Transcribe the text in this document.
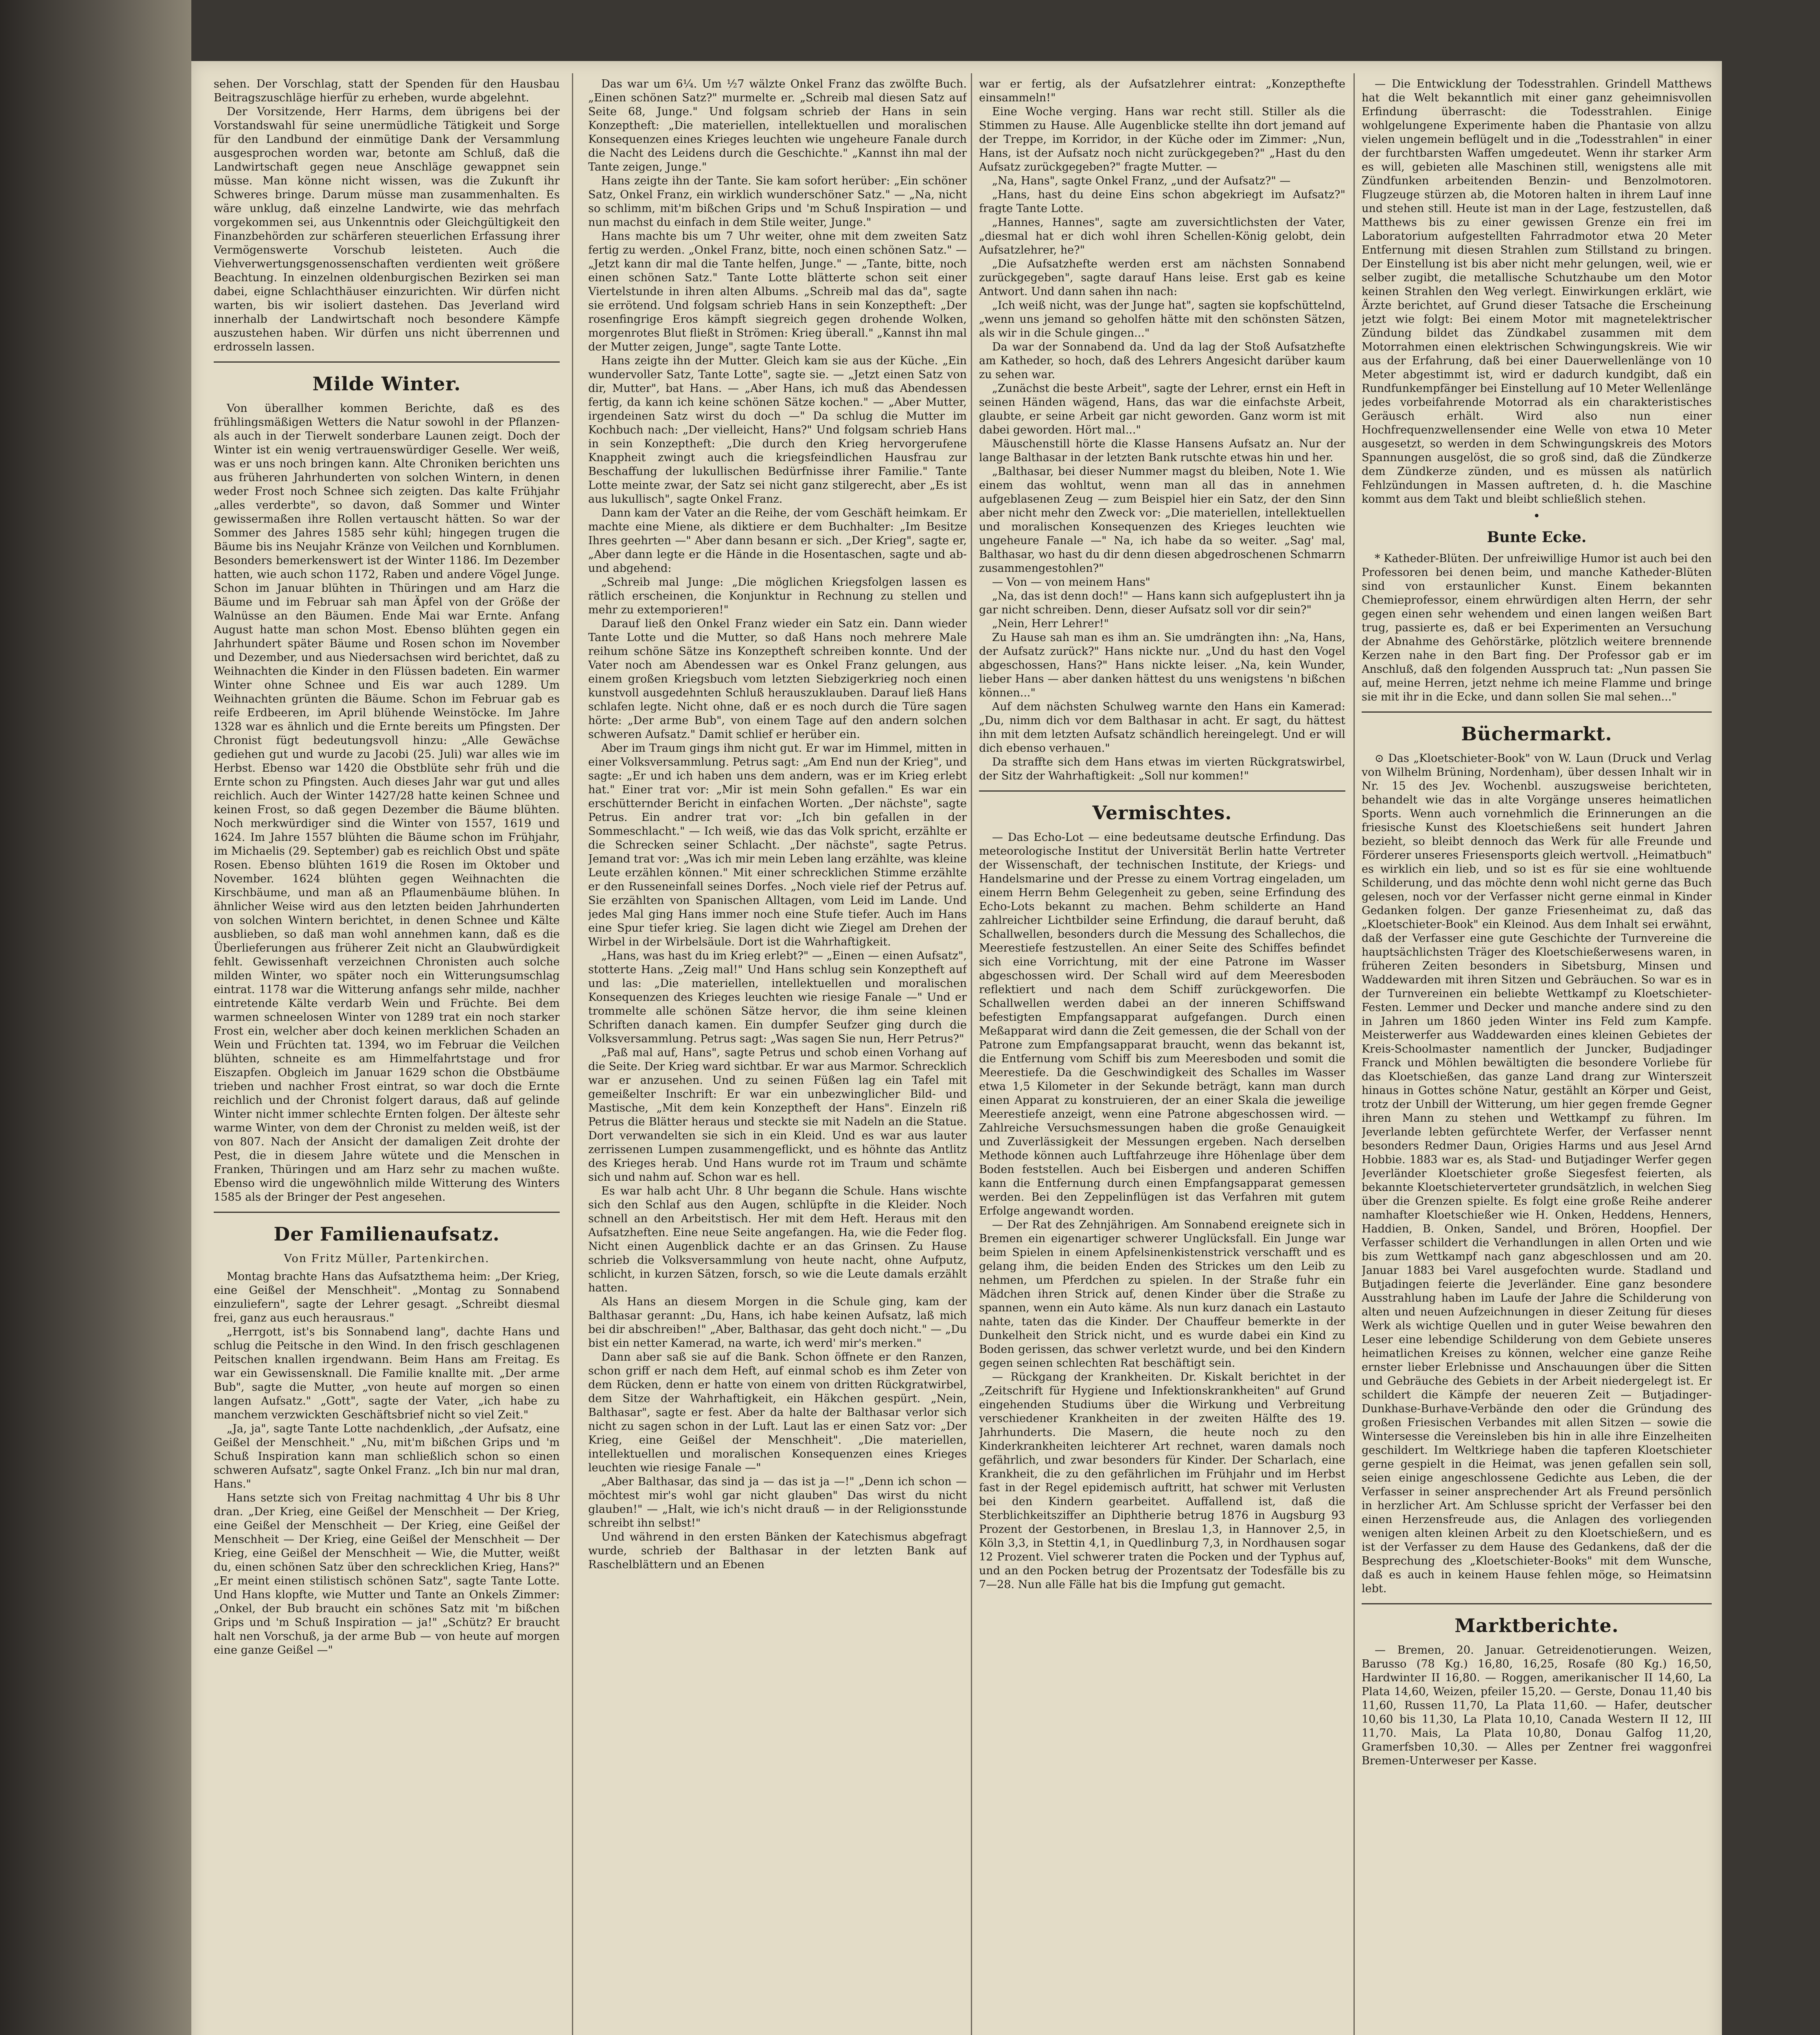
sehen. Der Vorschlag, statt der Spenden für den Hausbau Beitragszuschläge hierfür zu erheben, wurde abgelehnt.

Der Vorsitzende, Herr Harms, dem übrigens bei der Vorstandswahl für seine unermüdliche Tätigkeit und Sorge für den Landbund der einmütige Dank der Versammlung ausgesprochen worden war, betonte am Schluß, daß die Landwirtschaft gegen neue Anschläge gewappnet sein müsse. Man könne nicht wissen, was die Zukunft ihr Schweres bringe. Darum müsse man zusammenhalten. Es wäre unklug, daß einzelne Landwirte, wie das mehrfach vorgekommen sei, aus Unkenntnis oder Gleichgültigkeit den Finanzbehörden zur schärferen steuerlichen Erfassung ihrer Vermögenswerte Vorschub leisteten. Auch die Viehverwertungsgenossenschaften verdienten weit größere Beachtung. In einzelnen oldenburgischen Bezirken sei man dabei, eigne Schlachthäuser einzurichten. Wir dürfen nicht warten, bis wir isoliert dastehen. Das Jeverland wird innerhalb der Landwirtschaft noch besondere Kämpfe auszustehen haben. Wir dürfen uns nicht überrennen und erdrosseln lassen.

Milde Winter.

Von überallher kommen Berichte, daß es des frühlingsmäßigen Wetters die Natur sowohl in der Pflanzen- als auch in der Tierwelt sonderbare Launen zeigt. Doch der Winter ist ein wenig vertrauenswürdiger Geselle. Wer weiß, was er uns noch bringen kann. Alte Chroniken berichten uns aus früheren Jahrhunderten von solchen Wintern, in denen weder Frost noch Schnee sich zeigten. Das kalte Frühjahr „alles verderbte", so davon, daß Sommer und Winter gewissermaßen ihre Rollen vertauscht hätten. So war der Sommer des Jahres 1585 sehr kühl; hingegen trugen die Bäume bis ins Neujahr Kränze von Veilchen und Kornblumen. Besonders bemerkenswert ist der Winter 1186. Im Dezember hatten, wie auch schon 1172, Raben und andere Vögel Junge. Schon im Januar blühten in Thüringen und am Harz die Bäume und im Februar sah man Äpfel von der Größe der Walnüsse an den Bäumen. Ende Mai war Ernte. Anfang August hatte man schon Most. Ebenso blühten gegen ein Jahrhundert später Bäume und Rosen schon im November und Dezember, und aus Niedersachsen wird berichtet, daß zu Weihnachten die Kinder in den Flüssen badeten. Ein warmer Winter ohne Schnee und Eis war auch 1289. Um Weihnachten grünten die Bäume. Schon im Februar gab es reife Erdbeeren, im April blühende Weinstöcke. Im Jahre 1328 war es ähnlich und die Ernte bereits um Pfingsten. Der Chronist fügt bedeutungsvoll hinzu: „Alle Gewächse gediehen gut und wurde zu Jacobi (25. Juli) war alles wie im Herbst. Ebenso war 1420 die Obstblüte sehr früh und die Ernte schon zu Pfingsten. Auch dieses Jahr war gut und alles reichlich. Auch der Winter 1427/28 hatte keinen Schnee und keinen Frost, so daß gegen Dezember die Bäume blühten. Noch merkwürdiger sind die Winter von 1557, 1619 und 1624. Im Jahre 1557 blühten die Bäume schon im Frühjahr, im Michaelis (29. September) gab es reichlich Obst und späte Rosen. Ebenso blühten 1619 die Rosen im Oktober und November. 1624 blühten gegen Weihnachten die Kirschbäume, und man aß an Pflaumenbäume blühen. In ähnlicher Weise wird aus den letzten beiden Jahrhunderten von solchen Wintern berichtet, in denen Schnee und Kälte ausblieben, so daß man wohl annehmen kann, daß es die Überlieferungen aus früherer Zeit nicht an Glaubwürdigkeit fehlt. Gewissenhaft verzeichnen Chronisten auch solche milden Winter, wo später noch ein Witterungsumschlag eintrat. 1178 war die Witterung anfangs sehr milde, nachher eintretende Kälte verdarb Wein und Früchte. Bei dem warmen schneelosen Winter von 1289 trat ein noch starker Frost ein, welcher aber doch keinen merklichen Schaden an Wein und Früchten tat. 1394, wo im Februar die Veilchen blühten, schneite es am Himmelfahrtstage und fror Eiszapfen. Obgleich im Januar 1629 schon die Obstbäume trieben und nachher Frost eintrat, so war doch die Ernte reichlich und der Chronist folgert daraus, daß auf gelinde Winter nicht immer schlechte Ernten folgen. Der älteste sehr warme Winter, von dem der Chronist zu melden weiß, ist der von 807. Nach der Ansicht der damaligen Zeit drohte der Pest, die in diesem Jahre wütete und die Menschen in Franken, Thüringen und am Harz sehr zu machen wußte. Ebenso wird die ungewöhnlich milde Witterung des Winters 1585 als der Bringer der Pest angesehen.

Der Familienaufsatz.
Von Fritz Müller, Partenkirchen.

Montag brachte Hans das Aufsatzthema heim: „Der Krieg, eine Geißel der Menschheit". „Montag zu Sonnabend einzuliefern", sagte der Lehrer gesagt. „Schreibt diesmal frei, ganz aus euch herausraus."

„Herrgott, ist's bis Sonnabend lang", dachte Hans und schlug die Peitsche in den Wind. In den frisch geschlagenen Peitschen knallen irgendwann. Beim Hans am Freitag. Es war ein Gewissensknall. Die Familie knallte mit. „Der arme Bub", sagte die Mutter, „von heute auf morgen so einen langen Aufsatz." „Gott", sagte der Vater, „ich habe zu manchem verzwickten Geschäftsbrief nicht so viel Zeit."

„Ja, ja", sagte Tante Lotte nachdenklich, „der Aufsatz, eine Geißel der Menschheit." „Nu, mit'm bißchen Grips und 'm Schuß Inspiration kann man schließlich schon so einen schweren Aufsatz", sagte Onkel Franz. „Ich bin nur mal dran, Hans."

Hans setzte sich von Freitag nachmittag 4 Uhr bis 8 Uhr dran. „Der Krieg, eine Geißel der Menschheit — Der Krieg, eine Geißel der Menschheit — Der Krieg, eine Geißel der Menschheit — Der Krieg, eine Geißel der Menschheit — Der Krieg, eine Geißel der Menschheit — Wie, die Mutter, weißt du, einen schönen Satz über den schrecklichen Krieg, Hans?" „Er meint einen stilistisch schönen Satz", sagte Tante Lotte. Und Hans klopfte, wie Mutter und Tante an Onkels Zimmer: „Onkel, der Bub braucht ein schönes Satz mit 'm bißchen Grips und 'm Schuß Inspiration — ja!" „Schütz? Er braucht halt nen Vorschuß, ja der arme Bub — von heute auf morgen eine ganze Geißel —"

Das war um 6¼. Um ½7 wälzte Onkel Franz das zwölfte Buch. „Einen schönen Satz?" murmelte er. „Schreib mal diesen Satz auf Seite 68, Junge." Und folgsam schrieb der Hans in sein Konzeptheft: „Die materiellen, intellektuellen und moralischen Konsequenzen eines Krieges leuchten wie ungeheure Fanale durch die Nacht des Leidens durch die Geschichte." „Kannst ihn mal der Tante zeigen, Junge."

Hans zeigte ihn der Tante. Sie kam sofort herüber: „Ein schöner Satz, Onkel Franz, ein wirklich wunderschöner Satz." — „Na, nicht so schlimm, mit'm bißchen Grips und 'm Schuß Inspiration — und nun machst du einfach in dem Stile weiter, Junge."

Hans machte bis um 7 Uhr weiter, ohne mit dem zweiten Satz fertig zu werden. „Onkel Franz, bitte, noch einen schönen Satz." — „Jetzt kann dir mal die Tante helfen, Junge." — „Tante, bitte, noch einen schönen Satz." Tante Lotte blätterte schon seit einer Viertelstunde in ihren alten Albums. „Schreib mal das da", sagte sie errötend. Und folgsam schrieb Hans in sein Konzeptheft: „Der rosenfingrige Eros kämpft siegreich gegen drohende Wolken, morgenrotes Blut fließt in Strömen: Krieg überall." „Kannst ihn mal der Mutter zeigen, Junge", sagte Tante Lotte.

Hans zeigte ihn der Mutter. Gleich kam sie aus der Küche. „Ein wundervoller Satz, Tante Lotte", sagte sie. — „Jetzt einen Satz von dir, Mutter", bat Hans. — „Aber Hans, ich muß das Abendessen fertig, da kann ich keine schönen Sätze kochen." — „Aber Mutter, irgendeinen Satz wirst du doch —" Da schlug die Mutter im Kochbuch nach: „Der vielleicht, Hans?" Und folgsam schrieb Hans in sein Konzeptheft: „Die durch den Krieg hervorgerufene Knappheit zwingt auch die kriegsfeindlichen Hausfrau zur Beschaffung der lukullischen Bedürfnisse ihrer Familie." Tante Lotte meinte zwar, der Satz sei nicht ganz stilgerecht, aber „Es ist aus lukullisch", sagte Onkel Franz.

Dann kam der Vater an die Reihe, der vom Geschäft heimkam. Er machte eine Miene, als diktiere er dem Buchhalter: „Im Besitze Ihres geehrten —" Aber dann besann er sich. „Der Krieg", sagte er, „Aber dann legte er die Hände in die Hosentaschen, sagte und ab- und abgehend:

„Schreib mal Junge: „Die möglichen Kriegsfolgen lassen es rätlich erscheinen, die Konjunktur in Rechnung zu stellen und mehr zu extemporieren!"

Darauf ließ den Onkel Franz wieder ein Satz ein. Dann wieder Tante Lotte und die Mutter, so daß Hans noch mehrere Male reihum schöne Sätze ins Konzeptheft schreiben konnte. Und der Vater noch am Abendessen war es Onkel Franz gelungen, aus einem großen Kriegsbuch vom letzten Siebzigerkrieg noch einen kunstvoll ausgedehnten Schluß herauszuklauben. Darauf ließ Hans schlafen legte. Nicht ohne, daß er es noch durch die Türe sagen hörte: „Der arme Bub", von einem Tage auf den andern solchen schweren Aufsatz." Damit schlief er herüber ein.

Aber im Traum gings ihm nicht gut. Er war im Himmel, mitten in einer Volksversammlung. Petrus sagt: „Am End nun der Krieg", und sagte: „Er und ich haben uns dem andern, was er im Krieg erlebt hat." Einer trat vor: „Mir ist mein Sohn gefallen." Es war ein erschütternder Bericht in einfachen Worten. „Der nächste", sagte Petrus. Ein andrer trat vor: „Ich bin gefallen in der Sommeschlacht." — Ich weiß, wie das das Volk spricht, erzählte er die Schrecken seiner Schlacht. „Der nächste", sagte Petrus. Jemand trat vor: „Was ich mir mein Leben lang erzählte, was kleine Leute erzählen können." Mit einer schrecklichen Stimme erzählte er den Russeneinfall seines Dorfes. „Noch viele rief der Petrus auf. Sie erzählten von Spanischen Alltagen, vom Leid im Lande. Und jedes Mal ging Hans immer noch eine Stufe tiefer. Auch im Hans eine Spur tiefer krieg. Sie lagen dicht wie Ziegel am Drehen der Wirbel in der Wirbelsäule. Dort ist die Wahrhaftigkeit.

„Hans, was hast du im Krieg erlebt?" — „Einen — einen Aufsatz", stotterte Hans. „Zeig mal!" Und Hans schlug sein Konzeptheft auf und las: „Die materiellen, intellektuellen und moralischen Konsequenzen des Krieges leuchten wie riesige Fanale —" Und er trommelte alle schönen Sätze hervor, die ihm seine kleinen Schriften danach kamen. Ein dumpfer Seufzer ging durch die Volksversammlung. Petrus sagt: „Was sagen Sie nun, Herr Petrus?"

„Paß mal auf, Hans", sagte Petrus und schob einen Vorhang auf die Seite. Der Krieg ward sichtbar. Er war aus Marmor. Schrecklich war er anzusehen. Und zu seinen Füßen lag ein Tafel mit gemeißelter Inschrift: Er war ein unbezwinglicher Bild- und Mastische, „Mit dem kein Konzeptheft der Hans". Einzeln riß Petrus die Blätter heraus und steckte sie mit Nadeln an die Statue. Dort verwandelten sie sich in ein Kleid. Und es war aus lauter zerrissenen Lumpen zusammengeflickt, und es höhnte das Antlitz des Krieges herab. Und Hans wurde rot im Traum und schämte sich und nahm auf. Schon war es hell.

Es war halb acht Uhr. 8 Uhr begann die Schule. Hans wischte sich den Schlaf aus den Augen, schlüpfte in die Kleider. Noch schnell an den Arbeitstisch. Her mit dem Heft. Heraus mit den Aufsatzheften. Eine neue Seite angefangen. Ha, wie die Feder flog. Nicht einen Augenblick dachte er an das Grinsen. Zu Hause schrieb die Volksversammlung von heute nacht, ohne Aufputz, schlicht, in kurzen Sätzen, forsch, so wie die Leute damals erzählt hatten.

Als Hans an diesem Morgen in die Schule ging, kam der Balthasar gerannt: „Du, Hans, ich habe keinen Aufsatz, laß mich bei dir abschreiben!" „Aber, Balthasar, das geht doch nicht." — „Du bist ein netter Kamerad, na warte, ich werd' mir's merken."

Dann aber saß sie auf die Bank. Schon öffnete er den Ranzen, schon griff er nach dem Heft, auf einmal schob es ihm Zeter von dem Rücken, denn er hatte von einem von dritten Rückgratwirbel, dem Sitze der Wahrhaftigkeit, ein Häkchen gespürt. „Nein, Balthasar", sagte er fest. Aber da halte der Balthasar verlor sich nicht zu sagen schon in der Luft. Laut las er einen Satz vor: „Der Krieg, eine Geißel der Menschheit". „Die materiellen, intellektuellen und moralischen Konsequenzen eines Krieges leuchten wie riesige Fanale —"

„Aber Balthasar, das sind ja — das ist ja —!" „Denn ich schon — möchtest mir's wohl gar nicht glauben" Das wirst du nicht glauben!" — „Halt, wie ich's nicht drauß — in der Religionsstunde schreibt ihn selbst!"

Und während in den ersten Bänken der Katechismus abgefragt wurde, schrieb der Balthasar in der letzten Bank auf Raschelblättern und an Ebenen

war er fertig, als der Aufsatzlehrer eintrat: „Konzepthefte einsammeln!"

Eine Woche verging. Hans war recht still. Stiller als die Stimmen zu Hause. Alle Augenblicke stellte ihn dort jemand auf der Treppe, im Korridor, in der Küche oder im Zimmer: „Nun, Hans, ist der Aufsatz noch nicht zurückgegeben?" „Hast du den Aufsatz zurückgegeben?" fragte Mutter. —

„Na, Hans", sagte Onkel Franz, „und der Aufsatz?" —

„Hans, hast du deine Eins schon abgekriegt im Aufsatz?" fragte Tante Lotte.

„Hannes, Hannes", sagte am zuversichtlichsten der Vater, „diesmal hat er dich wohl ihren Schellen-König gelobt, dein Aufsatzlehrer, he?"

„Die Aufsatzhefte werden erst am nächsten Sonnabend zurückgegeben", sagte darauf Hans leise. Erst gab es keine Antwort. Und dann sahen ihn nach:

„Ich weiß nicht, was der Junge hat", sagten sie kopfschüttelnd, „wenn uns jemand so geholfen hätte mit den schönsten Sätzen, als wir in die Schule gingen..."

Da war der Sonnabend da. Und da lag der Stoß Aufsatzhefte am Katheder, so hoch, daß des Lehrers Angesicht darüber kaum zu sehen war.

„Zunächst die beste Arbeit", sagte der Lehrer, ernst ein Heft in seinen Händen wägend, Hans, das war die einfachste Arbeit, glaubte, er seine Arbeit gar nicht geworden. Ganz worm ist mit dabei geworden. Hört mal..."

Mäuschenstill hörte die Klasse Hansens Aufsatz an. Nur der lange Balthasar in der letzten Bank rutschte etwas hin und her.

„Balthasar, bei dieser Nummer magst du bleiben, Note 1. Wie einem das wohltut, wenn man all das in annehmen aufgeblasenen Zeug — zum Beispiel hier ein Satz, der den Sinn aber nicht mehr den Zweck vor: „Die materiellen, intellektuellen und moralischen Konsequenzen des Krieges leuchten wie ungeheure Fanale —" Na, ich habe da so weiter. „Sag' mal, Balthasar, wo hast du dir denn diesen abgedroschenen Schmarrn zusammengestohlen?"

— Von — von meinem Hans"

„Na, das ist denn doch!" — Hans kann sich aufgeplustert ihn ja gar nicht schreiben. Denn, dieser Aufsatz soll vor dir sein?"

„Nein, Herr Lehrer!"

Zu Hause sah man es ihm an. Sie umdrängten ihn: „Na, Hans, der Aufsatz zurück?" Hans nickte nur. „Und du hast den Vogel abgeschossen, Hans?" Hans nickte leiser. „Na, kein Wunder, lieber Hans — aber danken hättest du uns wenigstens 'n bißchen können..."

Auf dem nächsten Schulweg warnte den Hans ein Kamerad: „Du, nimm dich vor dem Balthasar in acht. Er sagt, du hättest ihn mit dem letzten Aufsatz schändlich hereingelegt. Und er will dich ebenso verhauen."

Da straffte sich dem Hans etwas im vierten Rückgratswirbel, der Sitz der Wahrhaftigkeit: „Soll nur kommen!"

Vermischtes.

— Das Echo-Lot — eine bedeutsame deutsche Erfindung. Das meteorologische Institut der Universität Berlin hatte Vertreter der Wissenschaft, der technischen Institute, der Kriegs- und Handelsmarine und der Presse zu einem Vortrag eingeladen, um einem Herrn Behm Gelegenheit zu geben, seine Erfindung des Echo-Lots bekannt zu machen. Behm schilderte an Hand zahlreicher Lichtbilder seine Erfindung, die darauf beruht, daß Schallwellen, besonders durch die Messung des Schallechos, die Meerestiefe festzustellen. An einer Seite des Schiffes befindet sich eine Vorrichtung, mit der eine Patrone im Wasser abgeschossen wird. Der Schall wird auf dem Meeresboden reflektiert und nach dem Schiff zurückgeworfen. Die Schallwellen werden dabei an der inneren Schiffswand befestigten Empfangsapparat aufgefangen. Durch einen Meßapparat wird dann die Zeit gemessen, die der Schall von der Patrone zum Empfangsapparat braucht, wenn das bekannt ist, die Entfernung vom Schiff bis zum Meeresboden und somit die Meerestiefe. Da die Geschwindigkeit des Schalles im Wasser etwa 1,5 Kilometer in der Sekunde beträgt, kann man durch einen Apparat zu konstruieren, der an einer Skala die jeweilige Meerestiefe anzeigt, wenn eine Patrone abgeschossen wird. — Zahlreiche Versuchsmessungen haben die große Genauigkeit und Zuverlässigkeit der Messungen ergeben. Nach derselben Methode können auch Luftfahrzeuge ihre Höhenlage über dem Boden feststellen. Auch bei Eisbergen und anderen Schiffen kann die Entfernung durch einen Empfangsapparat gemessen werden. Bei den Zeppelinflügen ist das Verfahren mit gutem Erfolge angewandt worden.

— Der Rat des Zehnjährigen. Am Sonnabend ereignete sich in Bremen ein eigenartiger schwerer Unglücksfall. Ein Junge war beim Spielen in einem Apfelsinenkistenstrick verschafft und es gelang ihm, die beiden Enden des Strickes um den Leib zu nehmen, um Pferdchen zu spielen. In der Straße fuhr ein Mädchen ihren Strick auf, denen Kinder über die Straße zu spannen, wenn ein Auto käme. Als nun kurz danach ein Lastauto nahte, taten das die Kinder. Der Chauffeur bemerkte in der Dunkelheit den Strick nicht, und es wurde dabei ein Kind zu Boden gerissen, das schwer verletzt wurde, und bei den Kindern gegen seinen schlechten Rat beschäftigt sein.

— Rückgang der Krankheiten. Dr. Kiskalt berichtet in der „Zeitschrift für Hygiene und Infektionskrankheiten" auf Grund eingehenden Studiums über die Wirkung und Verbreitung verschiedener Krankheiten in der zweiten Hälfte des 19. Jahrhunderts. Die Masern, die heute noch zu den Kinderkrankheiten leichterer Art rechnet, waren damals noch gefährlich, und zwar besonders für Kinder. Der Scharlach, eine Krankheit, die zu den gefährlichen im Frühjahr und im Herbst fast in der Regel epidemisch auftritt, hat schwer mit Verlusten bei den Kindern gearbeitet. Auffallend ist, daß die Sterblichkeitsziffer an Diphtherie betrug 1876 in Augsburg 93 Prozent der Gestorbenen, in Breslau 1,3, in Hannover 2,5, in Köln 3,3, in Stettin 4,1, in Quedlinburg 7,3, in Nordhausen sogar 12 Prozent. Viel schwerer traten die Pocken und der Typhus auf, und an den Pocken betrug der Prozentsatz der Todesfälle bis zu 7—28. Nun alle Fälle hat bis die Impfung gut gemacht.

— Die Entwicklung der Todesstrahlen. Grindell Matthews hat die Welt bekanntlich mit einer ganz geheimnisvollen Erfindung überrascht: die Todesstrahlen. Einige wohlgelungene Experimente haben die Phantasie von allzu vielen ungemein beflügelt und in die „Todesstrahlen" in einer der furchtbarsten Waffen umgedeutet. Wenn ihr starker Arm es will, gebieten alle Maschinen still, wenigstens alle mit Zündfunken arbeitenden Benzin- und Benzolmotoren. Flugzeuge stürzen ab, die Motoren halten in ihrem Lauf inne und stehen still. Heute ist man in der Lage, festzustellen, daß Matthews bis zu einer gewissen Grenze ein frei im Laboratorium aufgestellten Fahrradmotor etwa 20 Meter Entfernung mit diesen Strahlen zum Stillstand zu bringen. Der Einstellung ist bis aber nicht mehr gelungen, weil, wie er selber zugibt, die metallische Schutzhaube um den Motor keinen Strahlen den Weg verlegt. Einwirkungen erklärt, wie Ärzte berichtet, auf Grund dieser Tatsache die Erscheinung jetzt wie folgt: Bei einem Motor mit magnetelektrischer Zündung bildet das Zündkabel zusammen mit dem Motorrahmen einen elektrischen Schwingungskreis. Wie wir aus der Erfahrung, daß bei einer Dauerwellenlänge von 10 Meter abgestimmt ist, wird er dadurch kundgibt, daß ein Rundfunkempfänger bei Einstellung auf 10 Meter Wellenlänge jedes vorbeifahrende Motorrad als ein charakteristisches Geräusch erhält. Wird also nun einer Hochfrequenzwellensender eine Welle von etwa 10 Meter ausgesetzt, so werden in dem Schwingungskreis des Motors Spannungen ausgelöst, die so groß sind, daß die Zündkerze dem Zündkerze zünden, und es müssen als natürlich Fehlzündungen in Massen auftreten, d. h. die Maschine kommt aus dem Takt und bleibt schließlich stehen.

•
Bunte Ecke.

* Katheder-Blüten. Der unfreiwillige Humor ist auch bei den Professoren bei denen beim, und manche Katheder-Blüten sind von erstaunlicher Kunst. Einem bekannten Chemieprofessor, einem ehrwürdigen alten Herrn, der sehr gegen einen sehr wehendem und einen langen weißen Bart trug, passierte es, daß er bei Experimenten an Versuchung der Abnahme des Gehörstärke, plötzlich weitere brennende Kerzen nahe in den Bart fing. Der Professor gab er im Anschluß, daß den folgenden Ausspruch tat: „Nun passen Sie auf, meine Herren, jetzt nehme ich meine Flamme und bringe sie mit ihr in die Ecke, und dann sollen Sie mal sehen..."

Büchermarkt.

⊙ Das „Kloetschieter-Book" von W. Laun (Druck und Verlag von Wilhelm Brüning, Nordenham), über dessen Inhalt wir in Nr. 15 des Jev. Wochenbl. auszugsweise berichteten, behandelt wie das in alte Vorgänge unseres heimatlichen Sports. Wenn auch vornehmlich die Erinnerungen an die friesische Kunst des Kloetschießens seit hundert Jahren bezieht, so bleibt dennoch das Werk für alle Freunde und Förderer unseres Friesensports gleich wertvoll. „Heimatbuch" es wirklich ein lieb, und so ist es für sie eine wohltuende Schilderung, und das möchte denn wohl nicht gerne das Buch gelesen, noch vor der Verfasser nicht gerne einmal in Kinder Gedanken folgen. Der ganze Friesenheimat zu, daß das „Kloetschieter-Book" ein Kleinod. Aus dem Inhalt sei erwähnt, daß der Verfasser eine gute Geschichte der Turnvereine die hauptsächlichsten Träger des Kloetschießerwesens waren, in früheren Zeiten besonders in Sibetsburg, Minsen und Waddewarden mit ihren Sitzen und Gebräuchen. So war es in der Turnvereinen ein beliebte Wettkampf zu Kloetschieter-Festen. Lemmer und Decker und manche andere sind zu den in Jahren um 1860 jeden Winter ins Feld zum Kampfe. Meisterwerfer aus Waddewarden eines kleinen Gebietes der Kreis-Schoolmaster namentlich der Juncker, Budjadinger Franck und Möhlen bewältigten die besondere Vorliebe für das Kloetschießen, das ganze Land drang zur Winterszeit hinaus in Gottes schöne Natur, gestählt an Körper und Geist, trotz der Unbill der Witterung, um hier gegen fremde Gegner ihren Mann zu stehen und Wettkampf zu führen. Im Jeverlande lebten gefürchtete Werfer, der Verfasser nennt besonders Redmer Daun, Origies Harms und aus Jesel Arnd Hobbie. 1883 war es, als Stad- und Butjadinger Werfer gegen Jeverländer Kloetschieter große Siegesfest feierten, als bekannte Kloetschieterverteter grundsätzlich, in welchen Sieg über die Grenzen spielte. Es folgt eine große Reihe anderer namhafter Kloetschießer wie H. Onken, Heddens, Henners, Haddien, B. Onken, Sandel, und Brören, Hoopfiel. Der Verfasser schildert die Verhandlungen in allen Orten und wie bis zum Wettkampf nach ganz abgeschlossen und am 20. Januar 1883 bei Varel ausgefochten wurde. Stadland und Butjadingen feierte die Jeverländer. Eine ganz besondere Ausstrahlung haben im Laufe der Jahre die Schilderung von alten und neuen Aufzeichnungen in dieser Zeitung für dieses Werk als wichtige Quellen und in guter Weise bewahren den Leser eine lebendige Schilderung von dem Gebiete unseres heimatlichen Kreises zu können, welcher eine ganze Reihe ernster lieber Erlebnisse und Anschauungen über die Sitten und Gebräuche des Gebiets in der Arbeit niedergelegt ist. Er schildert die Kämpfe der neueren Zeit — Butjadinger-Dunkhase-Burhave-Verbände den oder die Gründung des großen Friesischen Verbandes mit allen Sitzen — sowie die Wintersesse die Vereinsleben bis hin in alle ihre Einzelheiten geschildert. Im Weltkriege haben die tapferen Kloetschieter gerne gespielt in die Heimat, was jenen gefallen sein soll, seien einige angeschlossene Gedichte aus Leben, die der Verfasser in seiner ansprechender Art als Freund persönlich in herzlicher Art. Am Schlusse spricht der Verfasser bei den einen Herzensfreude aus, die Anlagen des vorliegenden wenigen alten kleinen Arbeit zu den Kloetschießern, und es ist der Verfasser zu dem Hause des Gedankens, daß der die Besprechung des „Kloetschieter-Books" mit dem Wunsche, daß es auch in keinem Hause fehlen möge, so Heimatsinn lebt.

Marktberichte.

— Bremen, 20. Januar. Getreidenotierungen. Weizen, Barusso (78 Kg.) 16,80, 16,25, Rosafe (80 Kg.) 16,50, Hardwinter II 16,80. — Roggen, amerikanischer II 14,60, La Plata 14,60, Weizen, pfeiler 15,20. — Gerste, Donau 11,40 bis 11,60, Russen 11,70, La Plata 11,60. — Hafer, deutscher 10,60 bis 11,30, La Plata 10,10, Canada Western II 12, III 11,70. Mais, La Plata 10,80, Donau Galfog 11,20, Gramerfsben 10,30. — Alles per Zentner frei waggonfrei Bremen-Unterweser per Kasse.
